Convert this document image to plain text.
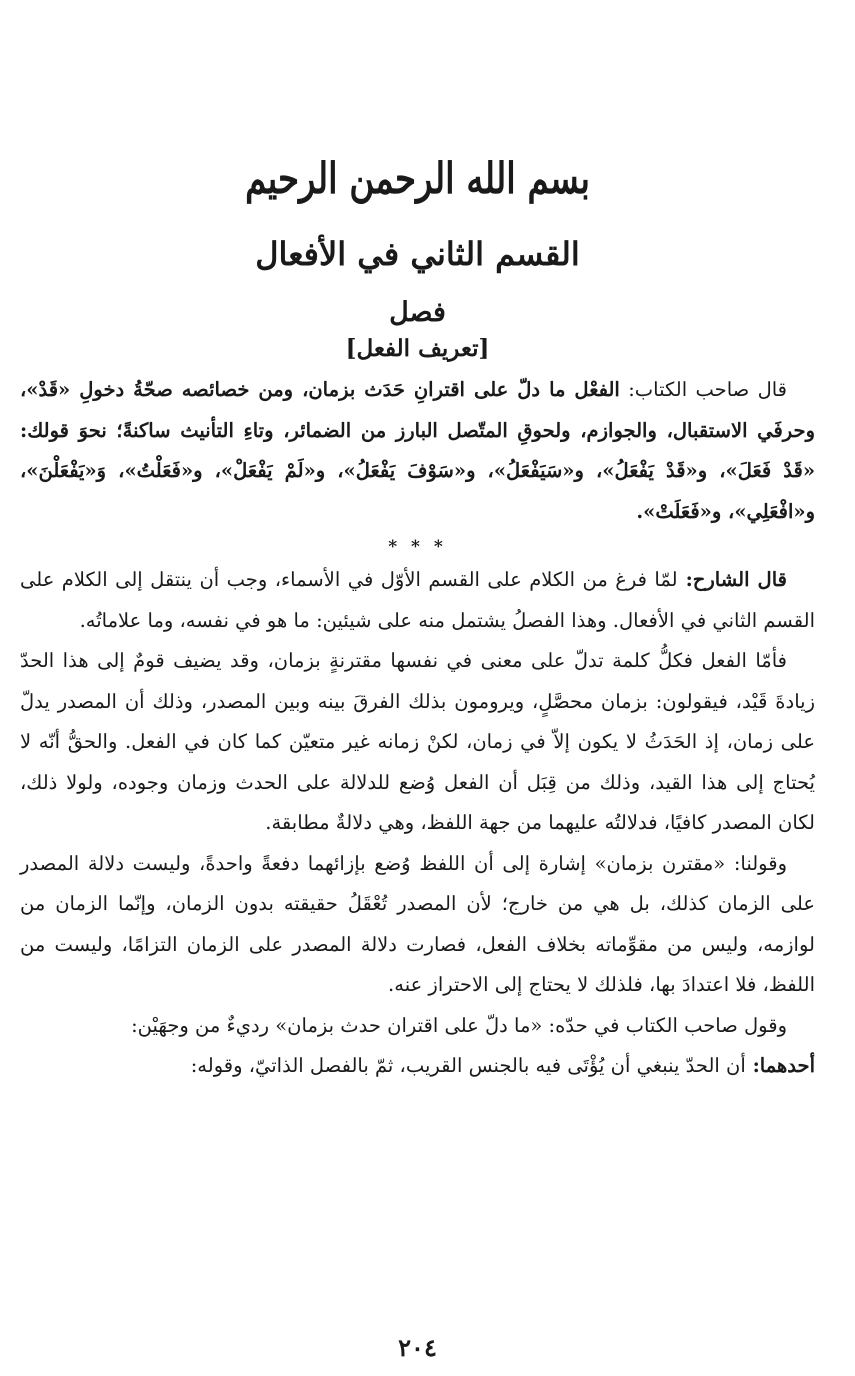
بسم الله الرحمن الرحيم
القسم الثاني في الأفعال
فصل
[تعريف الفعل]

قال صاحب الكتاب: الفعْل ما دلّ على اقترانِ حَدَث بزمان، ومن خصائصه صحّةُ دخولِ «قَدْ»، وحرفَي الاستقبال، والجوازم، ولحوقِ المتّصل البارز من الضمائر، وتاءِ التأنيث ساكنةً؛ نحوَ قولك: «قَدْ فَعَلَ»، و«قَدْ يَفْعَلُ»، و«سَيَفْعَلُ»، و«سَوْفَ يَفْعَلُ»، و«لَمْ يَفْعَلْ»، و«فَعَلْتُ»، وَ«يَفْعَلْنَ»، و«افْعَلِي»، و«فَعَلَتْ».

* * *

قال الشارح: لمّا فرغ من الكلام على القسم الأوّل في الأسماء، وجب أن ينتقل إلى الكلام على القسم الثاني في الأفعال. وهذا الفصلُ يشتمل منه على شيئين: ما هو في نفسه، وما علاماتُه.

فأمّا الفعل فكلُّ كلمة تدلّ على معنى في نفسها مقترنةٍ بزمان، وقد يضيف قومٌ إلى هذا الحدّ زيادةَ قَيْد، فيقولون: بزمان محصَّلٍ، ويرومون بذلك الفرقَ بينه وبين المصدر، وذلك أن المصدر يدلّ على زمان، إذ الحَدَثُ لا يكون إلاّ في زمان، لكنْ زمانه غير متعيّن كما كان في الفعل. والحقُّ أنّه لا يُحتاج إلى هذا القيد، وذلك من قِبَل أن الفعل وُضع للدلالة على الحدث وزمان وجوده، ولولا ذلك، لكان المصدر كافيًا، فدلالتُه عليهما من جهة اللفظ، وهي دلالةٌ مطابقة.

وقولنا: «مقترن بزمان» إشارة إلى أن اللفظ وُضع بإزائهما دفعةً واحدةً، وليست دلالة المصدر على الزمان كذلك، بل هي من خارج؛ لأن المصدر تُعْقَلُ حقيقته بدون الزمان، وإنّما الزمان من لوازمه، وليس من مقوِّماته بخلاف الفعل، فصارت دلالة المصدر على الزمان التزامًا، وليست من اللفظ، فلا اعتدادَ بها، فلذلك لا يحتاج إلى الاحتراز عنه.

وقول صاحب الكتاب في حدّه: «ما دلّ على اقتران حدث بزمان» رديءٌ من وجهَيْن:

أحدهما: أن الحدّ ينبغي أن يُؤْتَى فيه بالجنس القريب، ثمّ بالفصل الذاتيّ، وقوله:

٢٠٤
